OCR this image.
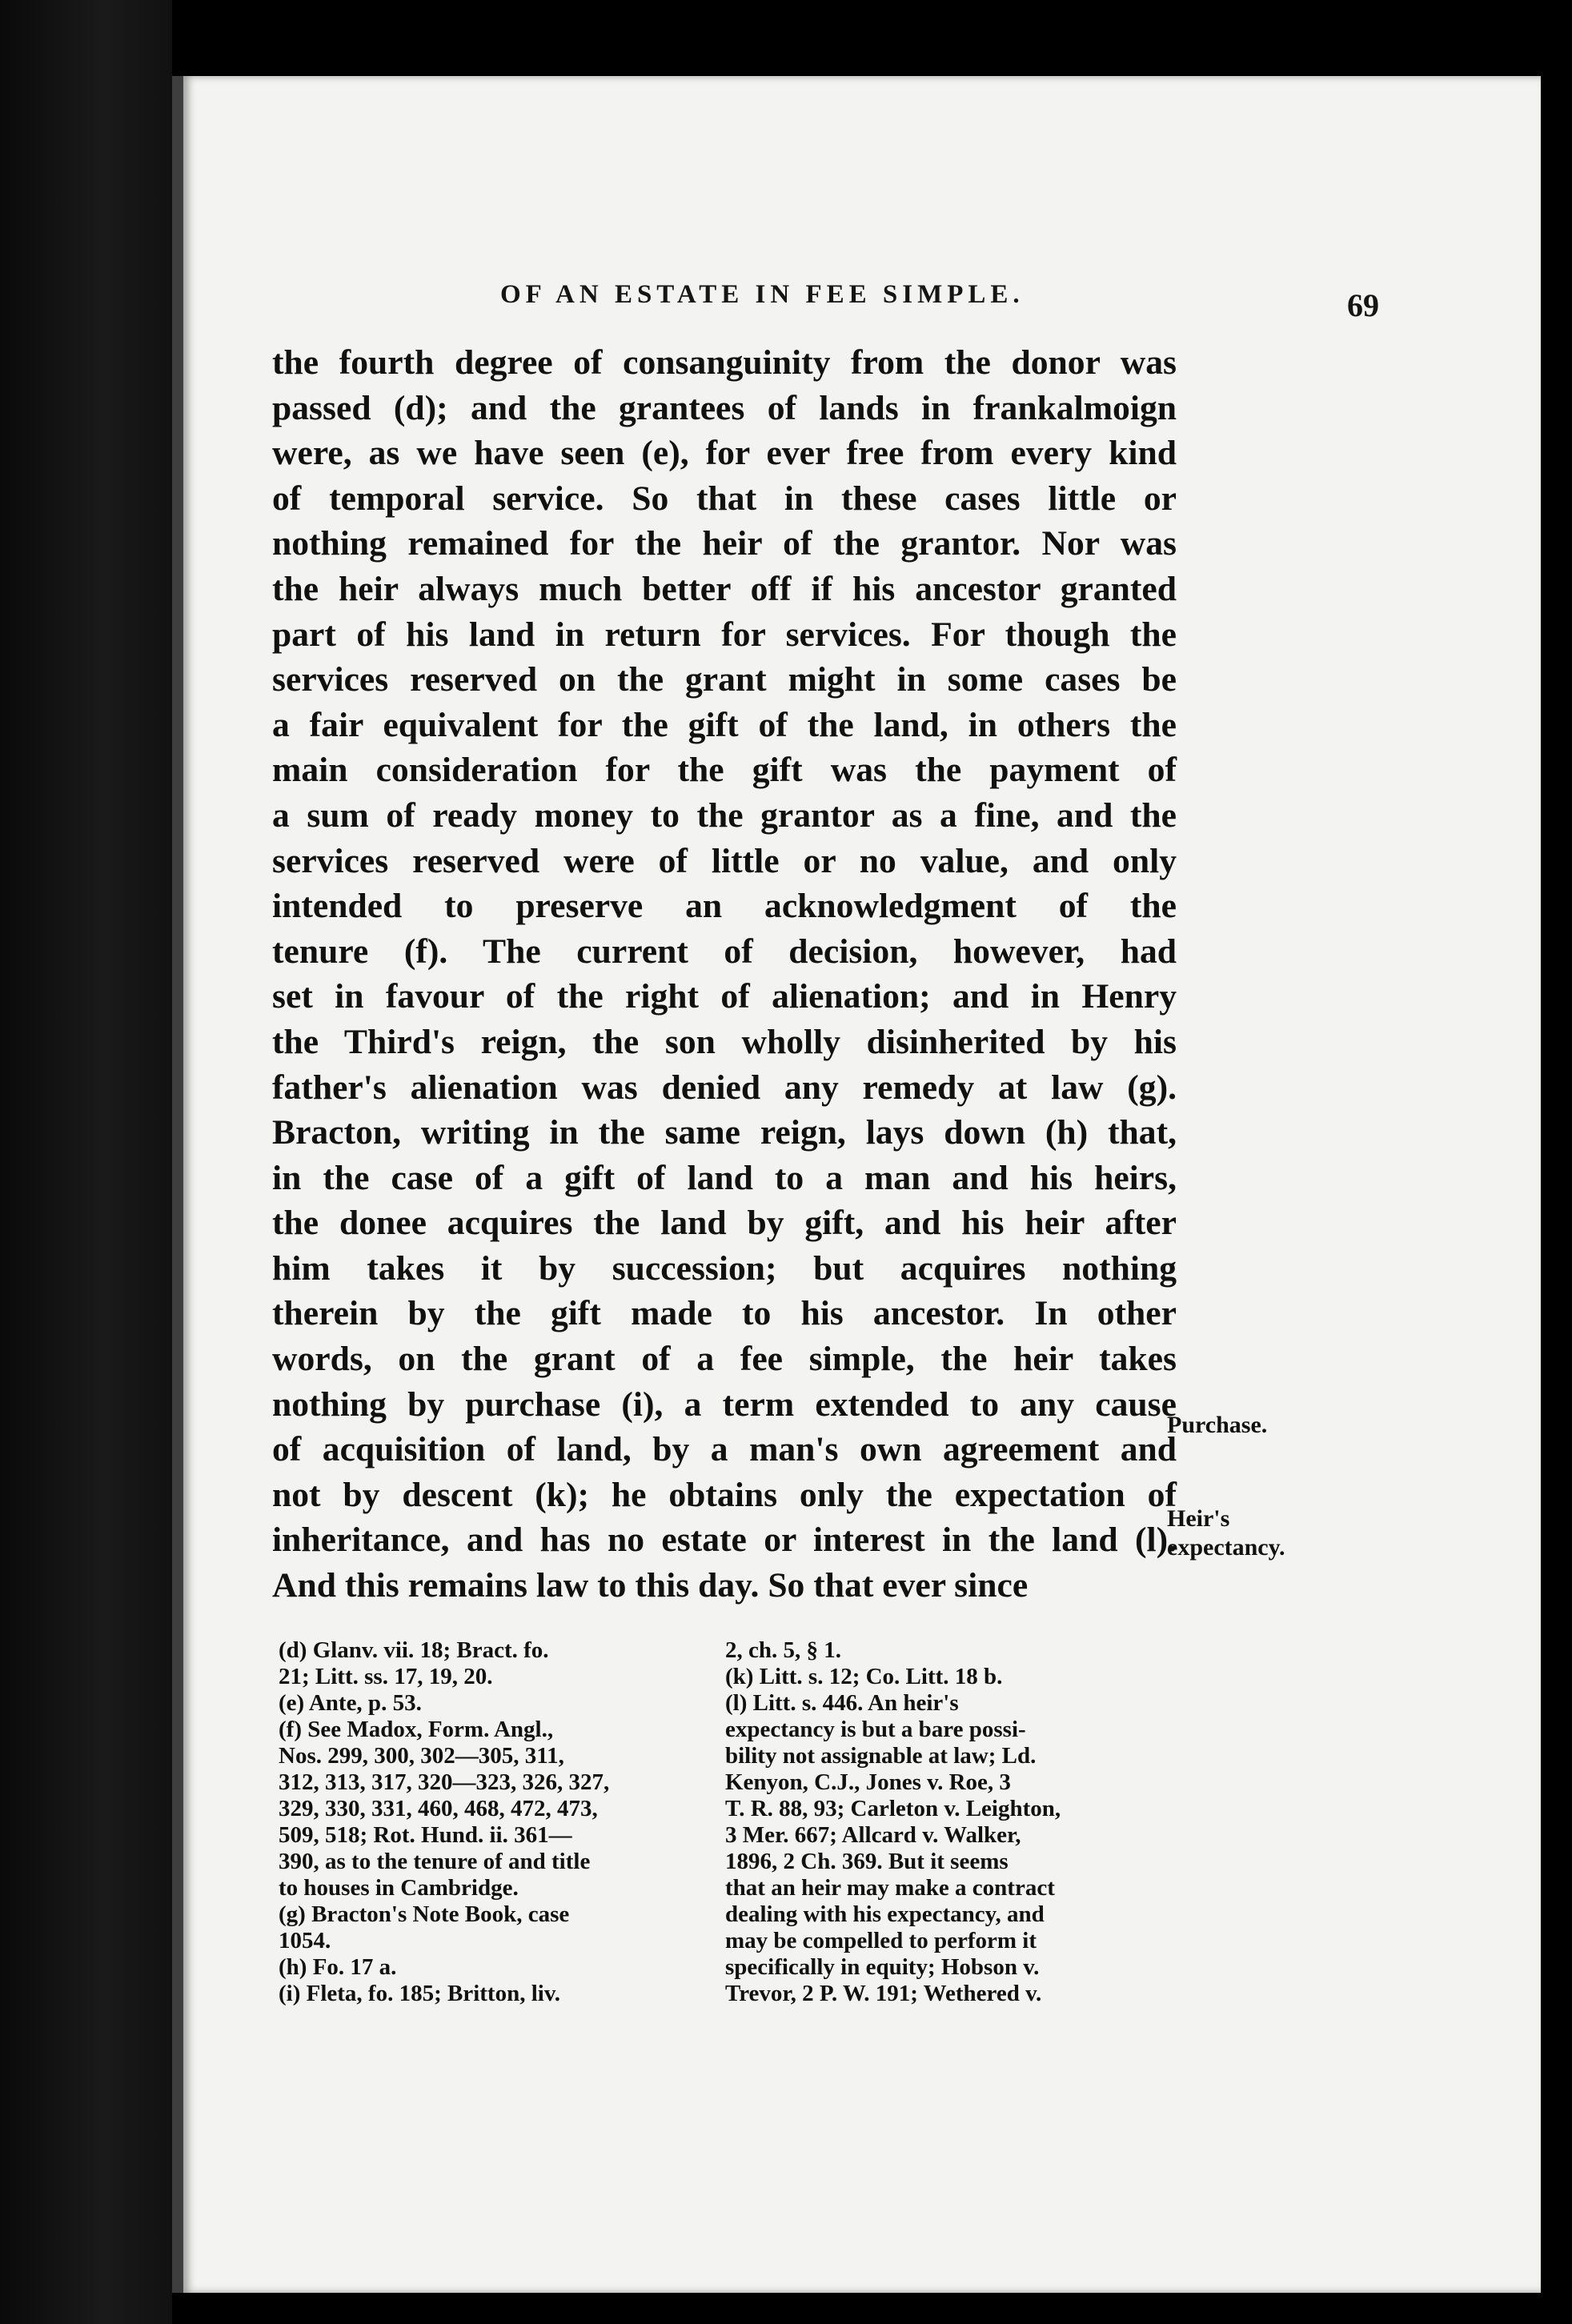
OF AN ESTATE IN FEE SIMPLE.	69
the fourth degree of consanguinity from the donor was
passed (d); and the grantees of lands in frankalmoign
were, as we have seen (e), for ever free from every kind
of temporal service. So that in these cases little or
nothing remained for the heir of the grantor. Nor was
the heir always much better off if his ancestor granted
part of his land in return for services. For though the
services reserved on the grant might in some cases be
a fair equivalent for the gift of the land, in others the
main consideration for the gift was the payment of
a sum of ready money to the grantor as a fine, and the
services reserved were of little or no value, and only
intended to preserve an acknowledgment of the
tenure (f). The current of decision, however, had
set in favour of the right of alienation; and in Henry
the Third's reign, the son wholly disinherited by his
father's alienation was denied any remedy at law (g).
Bracton, writing in the same reign, lays down (h) that,
in the case of a gift of land to a man and his heirs,
the donee acquires the land by gift, and his heir after
him takes it by succession; but acquires nothing
therein by the gift made to his ancestor. In other
words, on the grant of a fee simple, the heir takes
nothing by purchase (i), a term extended to any cause
of acquisition of land, by a man's own agreement and
not by descent (k); he obtains only the expectation of
inheritance, and has no estate or interest in the land (l).
And this remains law to this day. So that ever since
Purchase.
Heir's
expectancy.
(d) Glanv. vii. 18; Bract. fo.
21; Litt. ss. 17, 19, 20.
(e) Ante, p. 53.
(f) See Madox, Form. Angl.,
Nos. 299, 300, 302—305, 311,
312, 313, 317, 320—323, 326, 327,
329, 330, 331, 460, 468, 472, 473,
509, 518; Rot. Hund. ii. 361—
390, as to the tenure of and title
to houses in Cambridge.
(g) Bracton's Note Book, case
1054.
(h) Fo. 17 a.
(i) Fleta, fo. 185; Britton, liv.
2, ch. 5, § 1.
(k) Litt. s. 12; Co. Litt. 18 b.
(l) Litt. s. 446. An heir's
expectancy is but a bare possi-
bility not assignable at law; Ld.
Kenyon, C.J., Jones v. Roe, 3
T. R. 88, 93; Carleton v. Leighton,
3 Mer. 667; Allcard v. Walker,
1896, 2 Ch. 369. But it seems
that an heir may make a contract
dealing with his expectancy, and
may be compelled to perform it
specifically in equity; Hobson v.
Trevor, 2 P. W. 191; Wethered v.
